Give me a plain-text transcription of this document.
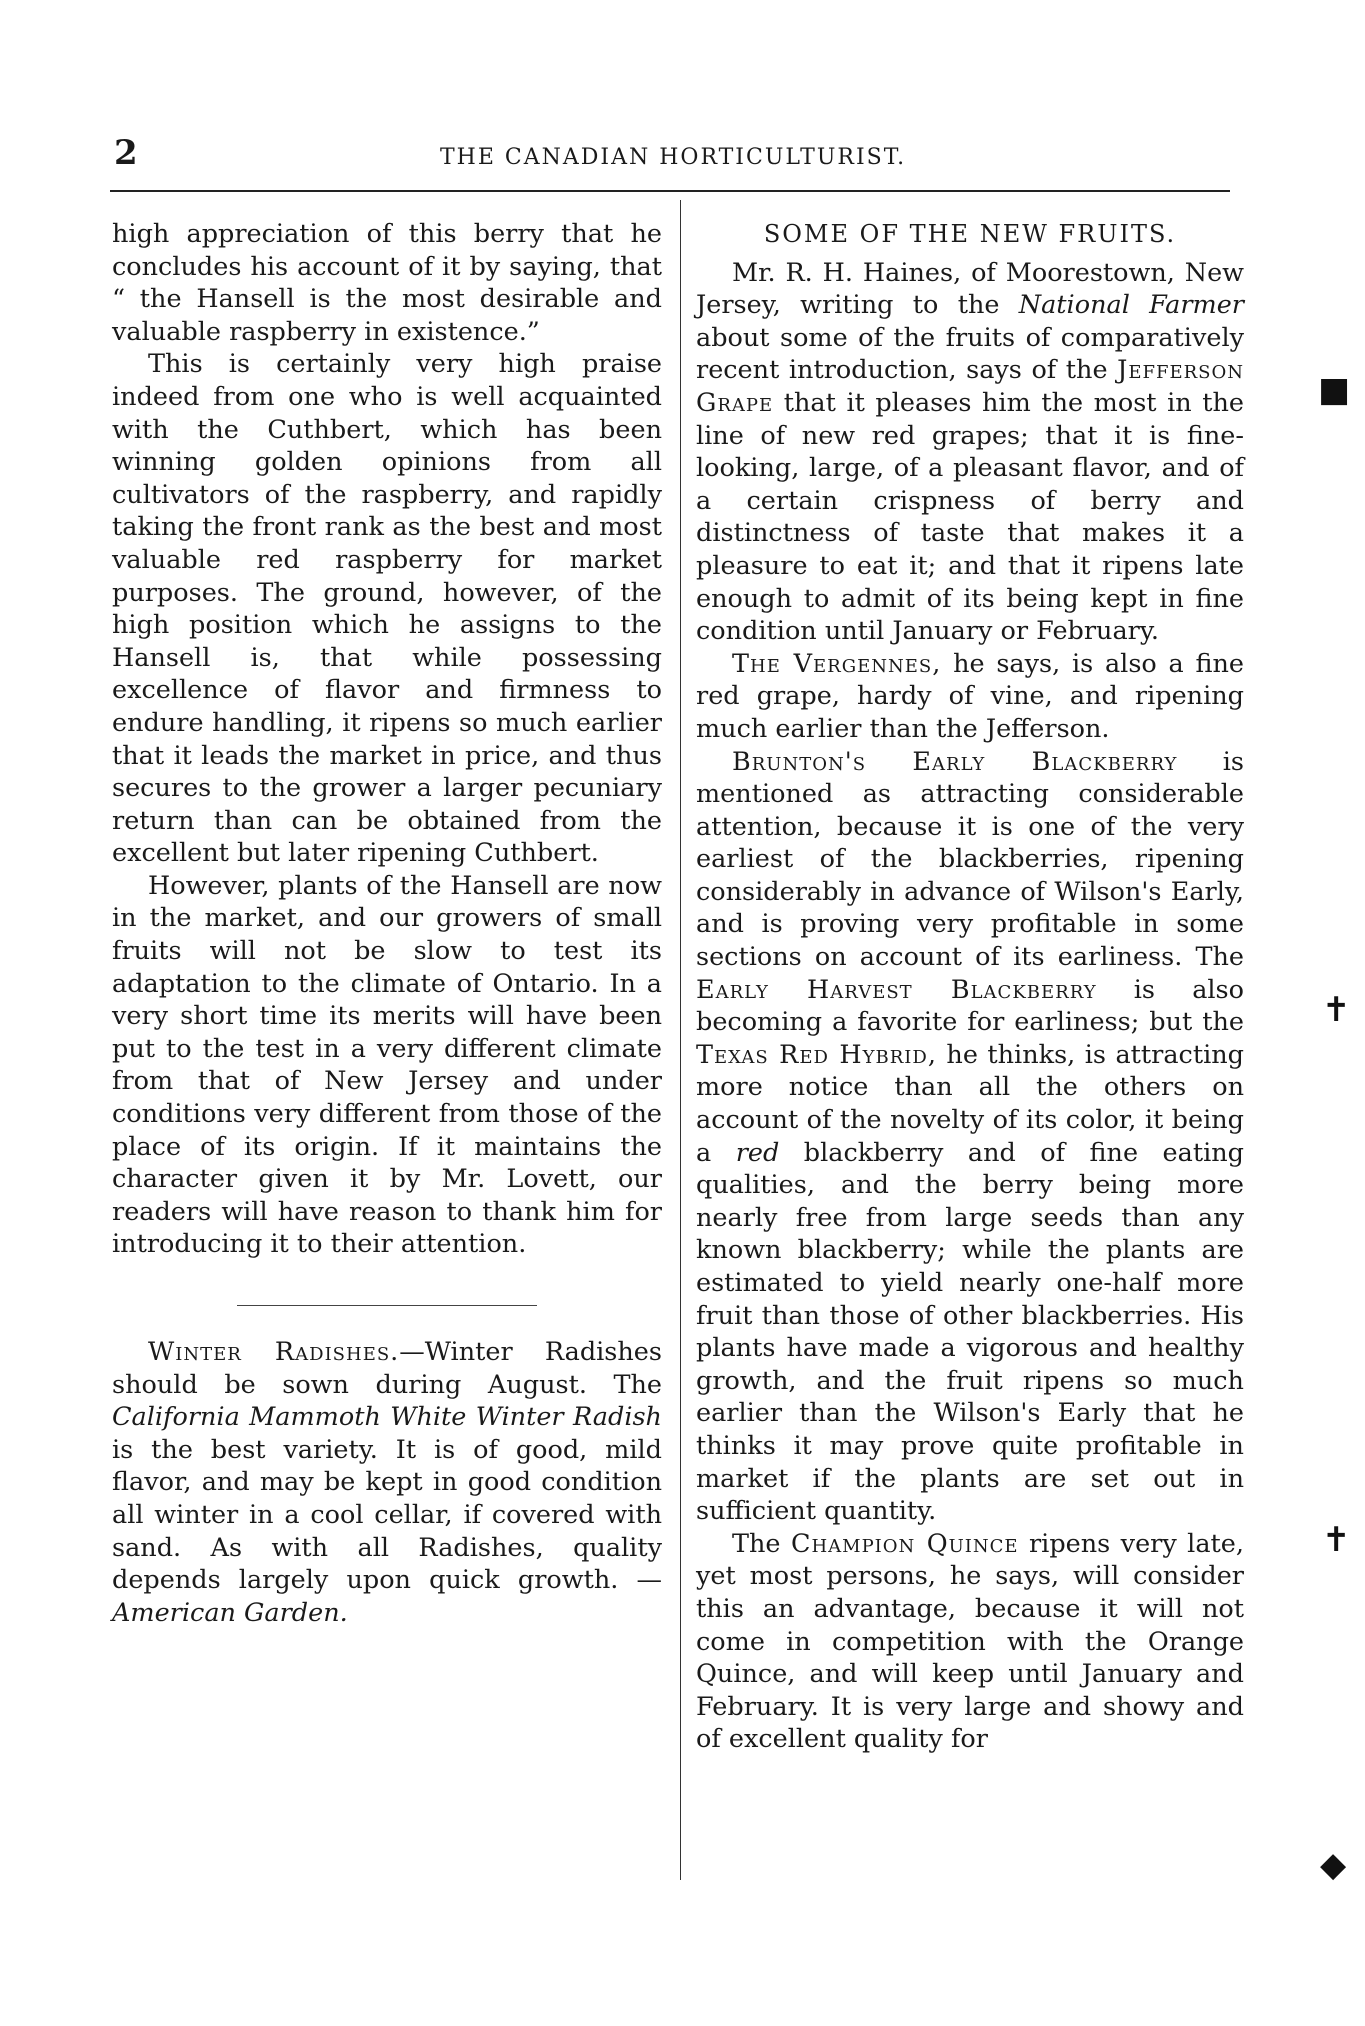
2	THE CANADIAN HORTICULTURIST.

high appreciation of this berry that he concludes his account of it by saying, that “ the Hansell is the most desirable and valuable raspberry in existence.”

This is certainly very high praise indeed from one who is well acquainted with the Cuthbert, which has been winning golden opinions from all cultivators of the raspberry, and rapidly taking the front rank as the best and most valuable red raspberry for market purposes. The ground, however, of the high position which he assigns to the Hansell is, that while possessing excellence of flavor and firmness to endure handling, it ripens so much earlier that it leads the market in price, and thus secures to the grower a larger pecuniary return than can be obtained from the excellent but later ripening Cuthbert.

However, plants of the Hansell are now in the market, and our growers of small fruits will not be slow to test its adaptation to the climate of Ontario. In a very short time its merits will have been put to the test in a very different climate from that of New Jersey and under conditions very different from those of the place of its origin. If it maintains the character given it by Mr. Lovett, our readers will have reason to thank him for introducing it to their attention.

Winter Radishes.—Winter Radishes should be sown during August. The California Mammoth White Winter Radish is the best variety. It is of good, mild flavor, and may be kept in good condition all winter in a cool cellar, if covered with sand. As with all Radishes, quality depends largely upon quick growth. —American Garden.

SOME OF THE NEW FRUITS.

Mr. R. H. Haines, of Moorestown, New Jersey, writing to the National Farmer about some of the fruits of comparatively recent introduction, says of the Jefferson Grape that it pleases him the most in the line of new red grapes; that it is fine-looking, large, of a pleasant flavor, and of a certain crispness of berry and distinctness of taste that makes it a pleasure to eat it; and that it ripens late enough to admit of its being kept in fine condition until January or February.

The Vergennes, he says, is also a fine red grape, hardy of vine, and ripening much earlier than the Jefferson.

Brunton's Early Blackberry is mentioned as attracting considerable attention, because it is one of the very earliest of the blackberries, ripening considerably in advance of Wilson's Early, and is proving very profitable in some sections on account of its earliness. The Early Harvest Blackberry is also becoming a favorite for earliness; but the Texas Red Hybrid, he thinks, is attracting more notice than all the others on account of the novelty of its color, it being a red blackberry and of fine eating qualities, and the berry being more nearly free from large seeds than any known blackberry; while the plants are estimated to yield nearly one-half more fruit than those of other blackberries. His plants have made a vigorous and healthy growth, and the fruit ripens so much earlier than the Wilson's Early that he thinks it may prove quite profitable in market if the plants are set out in sufficient quantity.

The Champion Quince ripens very late, yet most persons, he says, will consider this an advantage, because it will not come in competition with the Orange Quince, and will keep until January and February. It is very large and showy and of excellent quality for

■
✝
✝
◆
